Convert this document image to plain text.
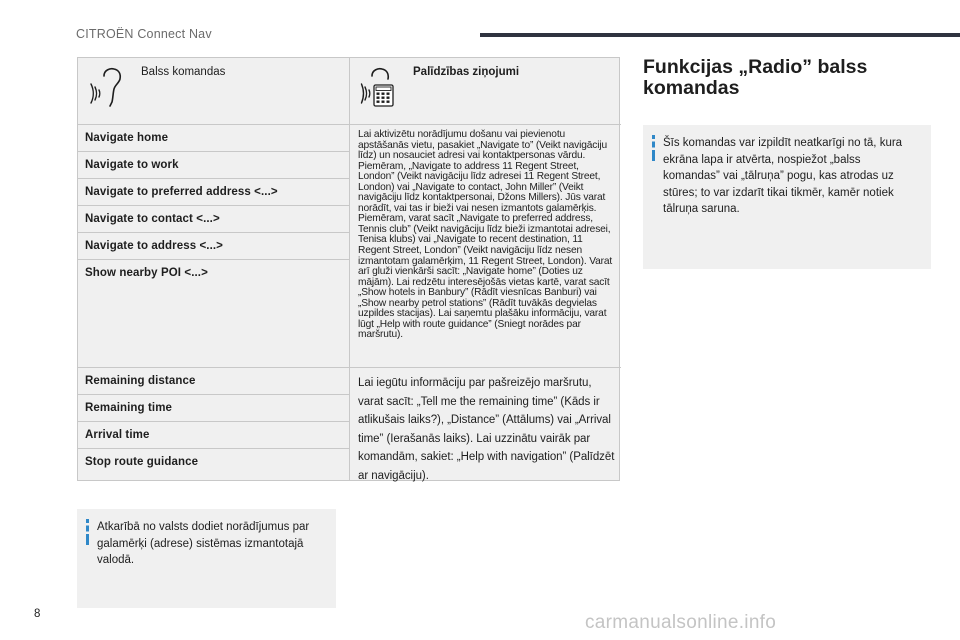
CITROËN Connect Nav
Balss komandas
Navigate home
Navigate to work
Navigate to preferred address <...>
Navigate to contact <...>
Navigate to address <...>
Show nearby POI <...>
Remaining distance
Remaining time
Arrival time
Stop route guidance
Palīdzības ziņojumi

Lai aktivizētu norādījumu došanu vai pievienotu apstāšanās vietu, pasakiet „Navigate to” (Veikt navigāciju līdz) un nosauciet adresi vai kontaktpersonas vārdu. Piemēram, „Navigate to address 11 Regent Street, London” (Veikt navigāciju līdz adresei 11 Regent Street, London) vai „Navigate to contact, John Miller” (Veikt navigāciju līdz kontaktpersonai, Džons Millers). Jūs varat norādīt, vai tas ir bieži vai nesen izmantots galamērķis. Piemēram, varat sacīt „Navigate to preferred address, Tennis club” (Veikt navigāciju līdz bieži izmantotai adresei, Tenisa klubs) vai „Navigate to recent destination, 11 Regent Street, London” (Veikt navigāciju līdz nesen izmantotam galamērķim, 11 Regent Street, London). Varat arī gluži vienkārši sacīt: „Navigate home” (Doties uz mājām). Lai redzētu interesējošās vietas kartē, varat sacīt „Show hotels in Banbury” (Rādīt viesnīcas Banburi) vai „Show nearby petrol stations” (Rādīt tuvākās degvielas uzpildes stacijas). Lai saņemtu plašāku informāciju, varat lūgt „Help with route guidance” (Sniegt norādes par maršrutu).

Lai iegūtu informāciju par pašreizējo maršrutu, varat sacīt: „Tell me the remaining time” (Kāds ir atlikušais laiks?), „Distance” (Attālums) vai „Arrival time” (Ierašanās laiks). Lai uzzinātu vairāk par komandām, sakiet: „Help with navigation” (Palīdzēt ar navigāciju).

Atkarībā no valsts dodiet norādījumus par galamērķi (adrese) sistēmas izmantotajā valodā.

Funkcijas „Radio” balss komandas

Šīs komandas var izpildīt neatkarīgi no tā, kura ekrāna lapa ir atvērta, nospiežot „balss komandas” vai „tālruņa” pogu, kas atrodas uz stūres; to var izdarīt tikai tikmēr, kamēr notiek tālruņa saruna.

8	carmanualsonline.info
